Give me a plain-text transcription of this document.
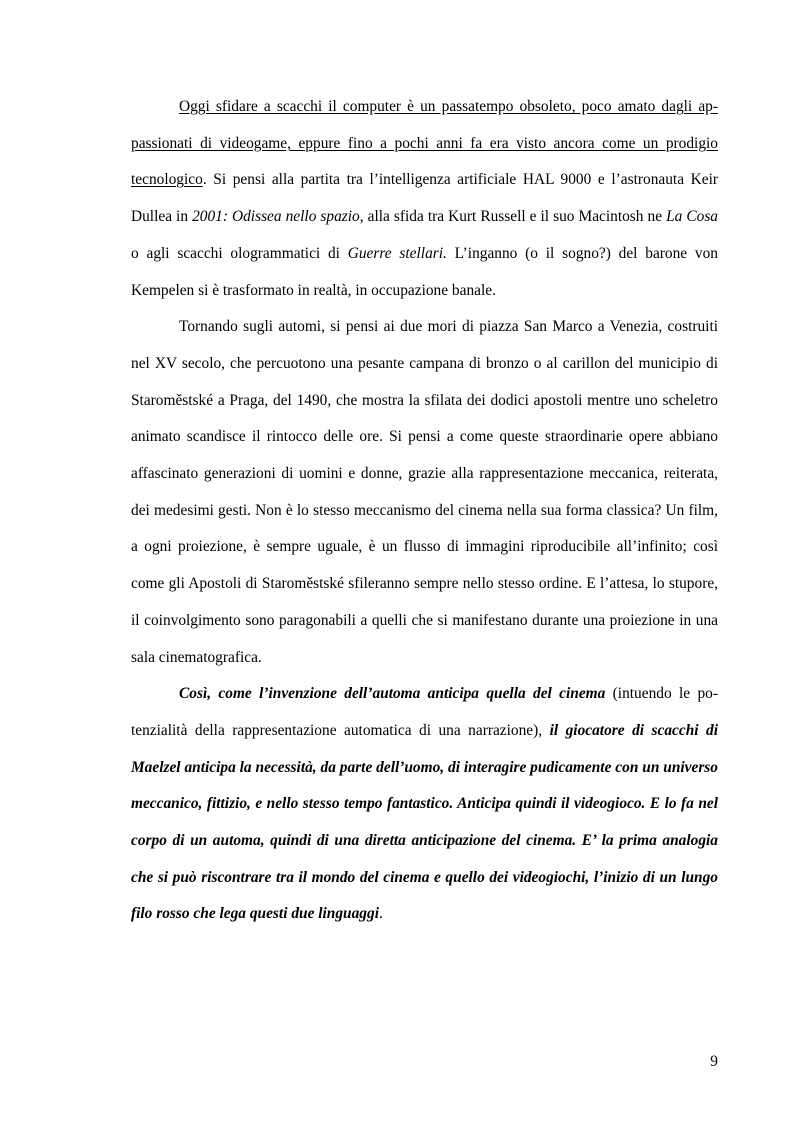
Oggi sfidare a scacchi il computer è un passatempo obsoleto, poco amato dagli appassionati di videogame, eppure fino a pochi anni fa era visto ancora come un prodigio tecnologico. Si pensi alla partita tra l’intelligenza artificiale HAL 9000 e l’astronauta Keir Dullea in 2001: Odissea nello spazio, alla sfida tra Kurt Russell e il suo Macintosh ne La Cosa o agli scacchi ologrammatici di Guerre stellari. L’inganno (o il sogno?) del barone von Kempelen si è trasformato in realtà, in occupazione banale.

Tornando sugli automi, si pensi ai due mori di piazza San Marco a Venezia, costruiti nel XV secolo, che percuotono una pesante campana di bronzo o al carillon del municipio di Staroměstské a Praga, del 1490, che mostra la sfilata dei dodici apostoli mentre uno scheletro animato scandisce il rintocco delle ore. Si pensi a come queste straordinarie opere abbiano affascinato generazioni di uomini e donne, grazie alla rappresentazione meccanica, reiterata, dei medesimi gesti. Non è lo stesso meccanismo del cinema nella sua forma classica? Un film, a ogni proiezione, è sempre uguale, è un flusso di immagini riproducibile all’infinito; così come gli Apostoli di Staroměstské sfileranno sempre nello stesso ordine. E l’attesa, lo stupore, il coinvolgimento sono paragonabili a quelli che si manifestano durante una proiezione in una sala cinematografica.

Così, come l’invenzione dell’automa anticipa quella del cinema (intuendo le potenzialità della rappresentazione automatica di una narrazione), il giocatore di scacchi di Maelzel anticipa la necessità, da parte dell’uomo, di interagire pudicamente con un universo meccanico, fittizio, e nello stesso tempo fantastico. Anticipa quindi il videogioco. E lo fa nel corpo di un automa, quindi di una diretta anticipazione del cinema. E’ la prima analogia che si può riscontrare tra il mondo del cinema e quello dei videogiochi, l’inizio di un lungo filo rosso che lega questi due linguaggi.

9
